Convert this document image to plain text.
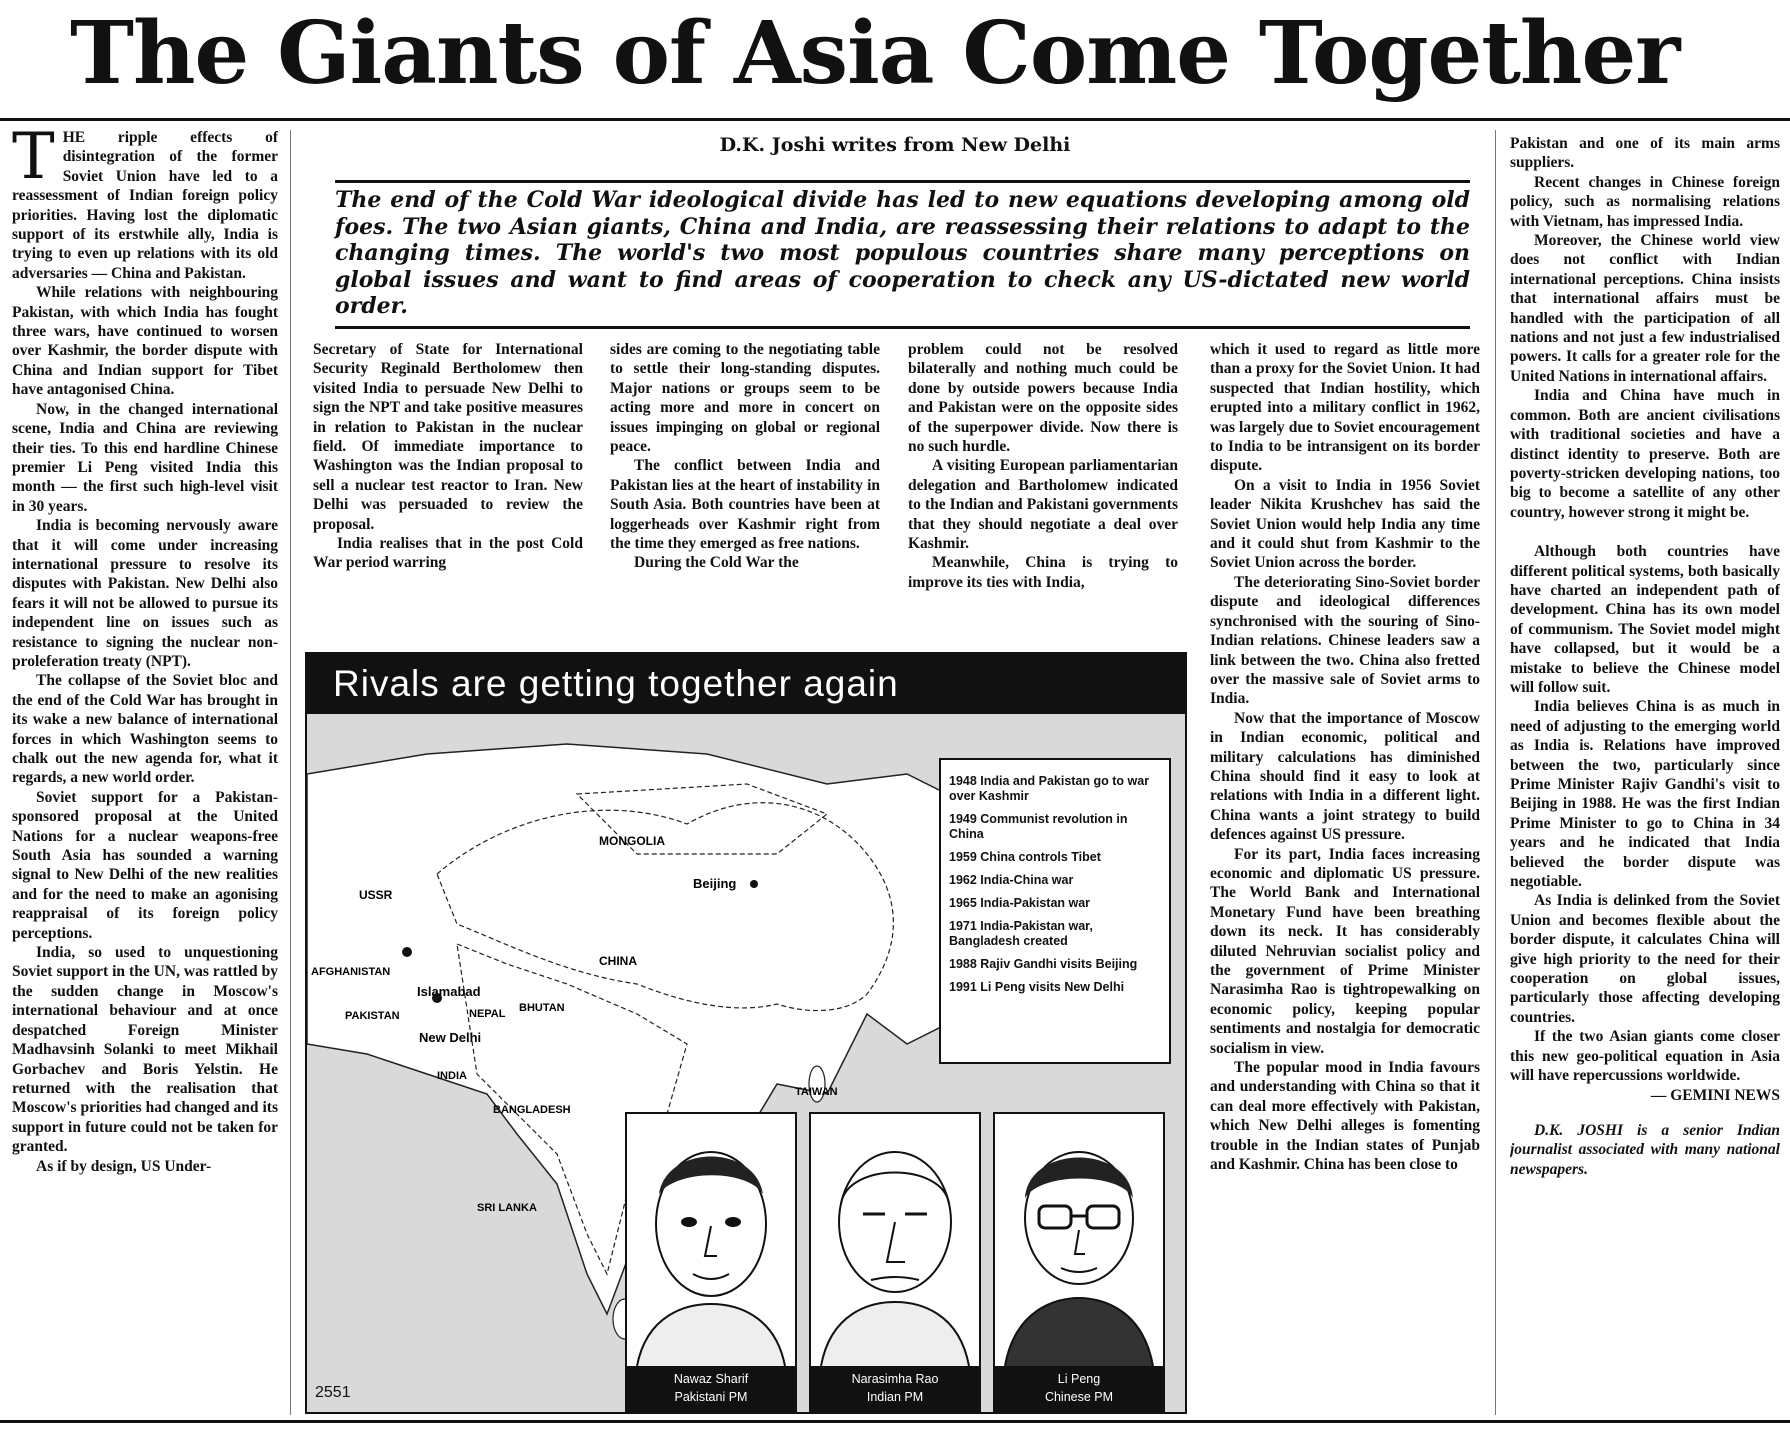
The Giants of Asia Come Together

THE ripple effects of disintegration of the former Soviet Union have led to a reassessment of Indian foreign policy priorities. Having lost the diplomatic support of its erstwhile ally, India is trying to even up relations with its old adversaries — China and Pakistan.

While relations with neighbouring Pakistan, with which India has fought three wars, have continued to worsen over Kashmir, the border dispute with China and Indian support for Tibet have antagonised China.

Now, in the changed international scene, India and China are reviewing their ties. To this end hardline Chinese premier Li Peng visited India this month — the first such high-level visit in 30 years.

India is becoming nervously aware that it will come under increasing international pressure to resolve its disputes with Pakistan. New Delhi also fears it will not be allowed to pursue its independent line on issues such as resistance to signing the nuclear non-proleferation treaty (NPT).

The collapse of the Soviet bloc and the end of the Cold War has brought in its wake a new balance of international forces in which Washington seems to chalk out the new agenda for, what it regards, a new world order.

Soviet support for a Pakistan-sponsored proposal at the United Nations for a nuclear weapons-free South Asia has sounded a warning signal to New Delhi of the new realities and for the need to make an agonising reappraisal of its foreign policy perceptions.

India, so used to unquestioning Soviet support in the UN, was rattled by the sudden change in Moscow's international behaviour and at once despatched Foreign Minister Madhavsinh Solanki to meet Mikhail Gorbachev and Boris Yelstin. He returned with the realisation that Moscow's priorities had changed and its support in future could not be taken for granted.

As if by design, US Under-

D.K. Joshi writes from New Delhi
The end of the Cold War ideological divide has led to new equations developing among old foes. The two Asian giants, China and India, are reassessing their relations to adapt to the changing times. The world's two most populous countries share many perceptions on global issues and want to find areas of cooperation to check any US-dictated new world order.

Secretary of State for International Security Reginald Bertholomew then visited India to persuade New Delhi to sign the NPT and take positive measures in relation to Pakistan in the nuclear field. Of immediate importance to Washington was the Indian proposal to sell a nuclear test reactor to Iran. New Delhi was persuaded to review the proposal.

India realises that in the post Cold War period warring

sides are coming to the negotiating table to settle their long-standing disputes. Major nations or groups seem to be acting more and more in concert on issues impinging on global or regional peace.

The conflict between India and Pakistan lies at the heart of instability in South Asia. Both countries have been at loggerheads over Kashmir right from the time they emerged as free nations.

During the Cold War the

problem could not be resolved bilaterally and nothing much could be done by outside powers because India and Pakistan were on the opposite sides of the superpower divide. Now there is no such hurdle.

A visiting European parliamentarian delegation and Bartholomew indicated to the Indian and Pakistani governments that they should negotiate a deal over Kashmir.

Meanwhile, China is trying to improve its ties with India,

which it used to regard as little more than a proxy for the Soviet Union. It had suspected that Indian hostility, which erupted into a military conflict in 1962, was largely due to Soviet encouragement to India to be intransigent on its border dispute.

On a visit to India in 1956 Soviet leader Nikita Krushchev has said the Soviet Union would help India any time and it could shut from Kashmir to the Soviet Union across the border.

The deteriorating Sino-Soviet border dispute and ideological differences synchronised with the souring of Sino-Indian relations. Chinese leaders saw a link between the two. China also fretted over the massive sale of Soviet arms to India.

Now that the importance of Moscow in Indian economic, political and military calculations has diminished China should find it easy to look at relations with India in a different light. China wants a joint strategy to build defences against US pressure.

For its part, India faces increasing economic and diplomatic US pressure. The World Bank and International Monetary Fund have been breathing down its neck. It has considerably diluted Nehruvian socialist policy and the government of Prime Minister Narasimha Rao is tightropewalking on economic policy, keeping popular sentiments and nostalgia for democratic socialism in view.

The popular mood in India favours and understanding with China so that it can deal more effectively with Pakistan, which New Delhi alleges is fomenting trouble in the Indian states of Punjab and Kashmir. China has been close to

Pakistan and one of its main arms suppliers.

Recent changes in Chinese foreign policy, such as normalising relations with Vietnam, has impressed India.

Moreover, the Chinese world view does not conflict with Indian international perceptions. China insists that international affairs must be handled with the participation of all nations and not just a few industrialised powers. It calls for a greater role for the United Nations in international affairs.

India and China have much in common. Both are ancient civilisations with traditional societies and have a distinct identity to preserve. Both are poverty-stricken developing nations, too big to become a satellite of any other country, however strong it might be.

Although both countries have different political systems, both basically have charted an independent path of development. China has its own model of communism. The Soviet model might have collapsed, but it would be a mistake to believe the Chinese model will follow suit.

India believes China is as much in need of adjusting to the emerging world as India is. Relations have improved between the two, particularly since Prime Minister Rajiv Gandhi's visit to Beijing in 1988. He was the first Indian Prime Minister to go to China in 34 years and he indicated that India believed the border dispute was negotiable.

As India is delinked from the Soviet Union and becomes flexible about the border dispute, it calculates China will give high priority to the need for their cooperation on global issues, particularly those affecting developing countries.

If the two Asian giants come closer this new geo-political equation in Asia will have repercussions worldwide.

— GEMINI NEWS

D.K. JOSHI is a senior Indian journalist associated with many national newspapers.

Rivals are getting together again
MONGOLIA
USSR
Beijing
CHINA
AFGHANISTAN
Islamabad
PAKISTAN
New Delhi
NEPAL BHUTAN
INDIA
TAIWAN
BANGLADESH
SRI LANKA
1948 India and Pakistan go to war over Kashmir
1949 Communist revolution in China
1959 China controls Tibet
1962 India-China war
1965 India-Pakistan war
1971 India-Pakistan war, Bangladesh created
1988 Rajiv Gandhi visits Beijing
1991 Li Peng visits New Delhi
Nawaz Sharif
Pakistani PM
Narasimha Rao
Indian PM
Li Peng
Chinese PM
2551
